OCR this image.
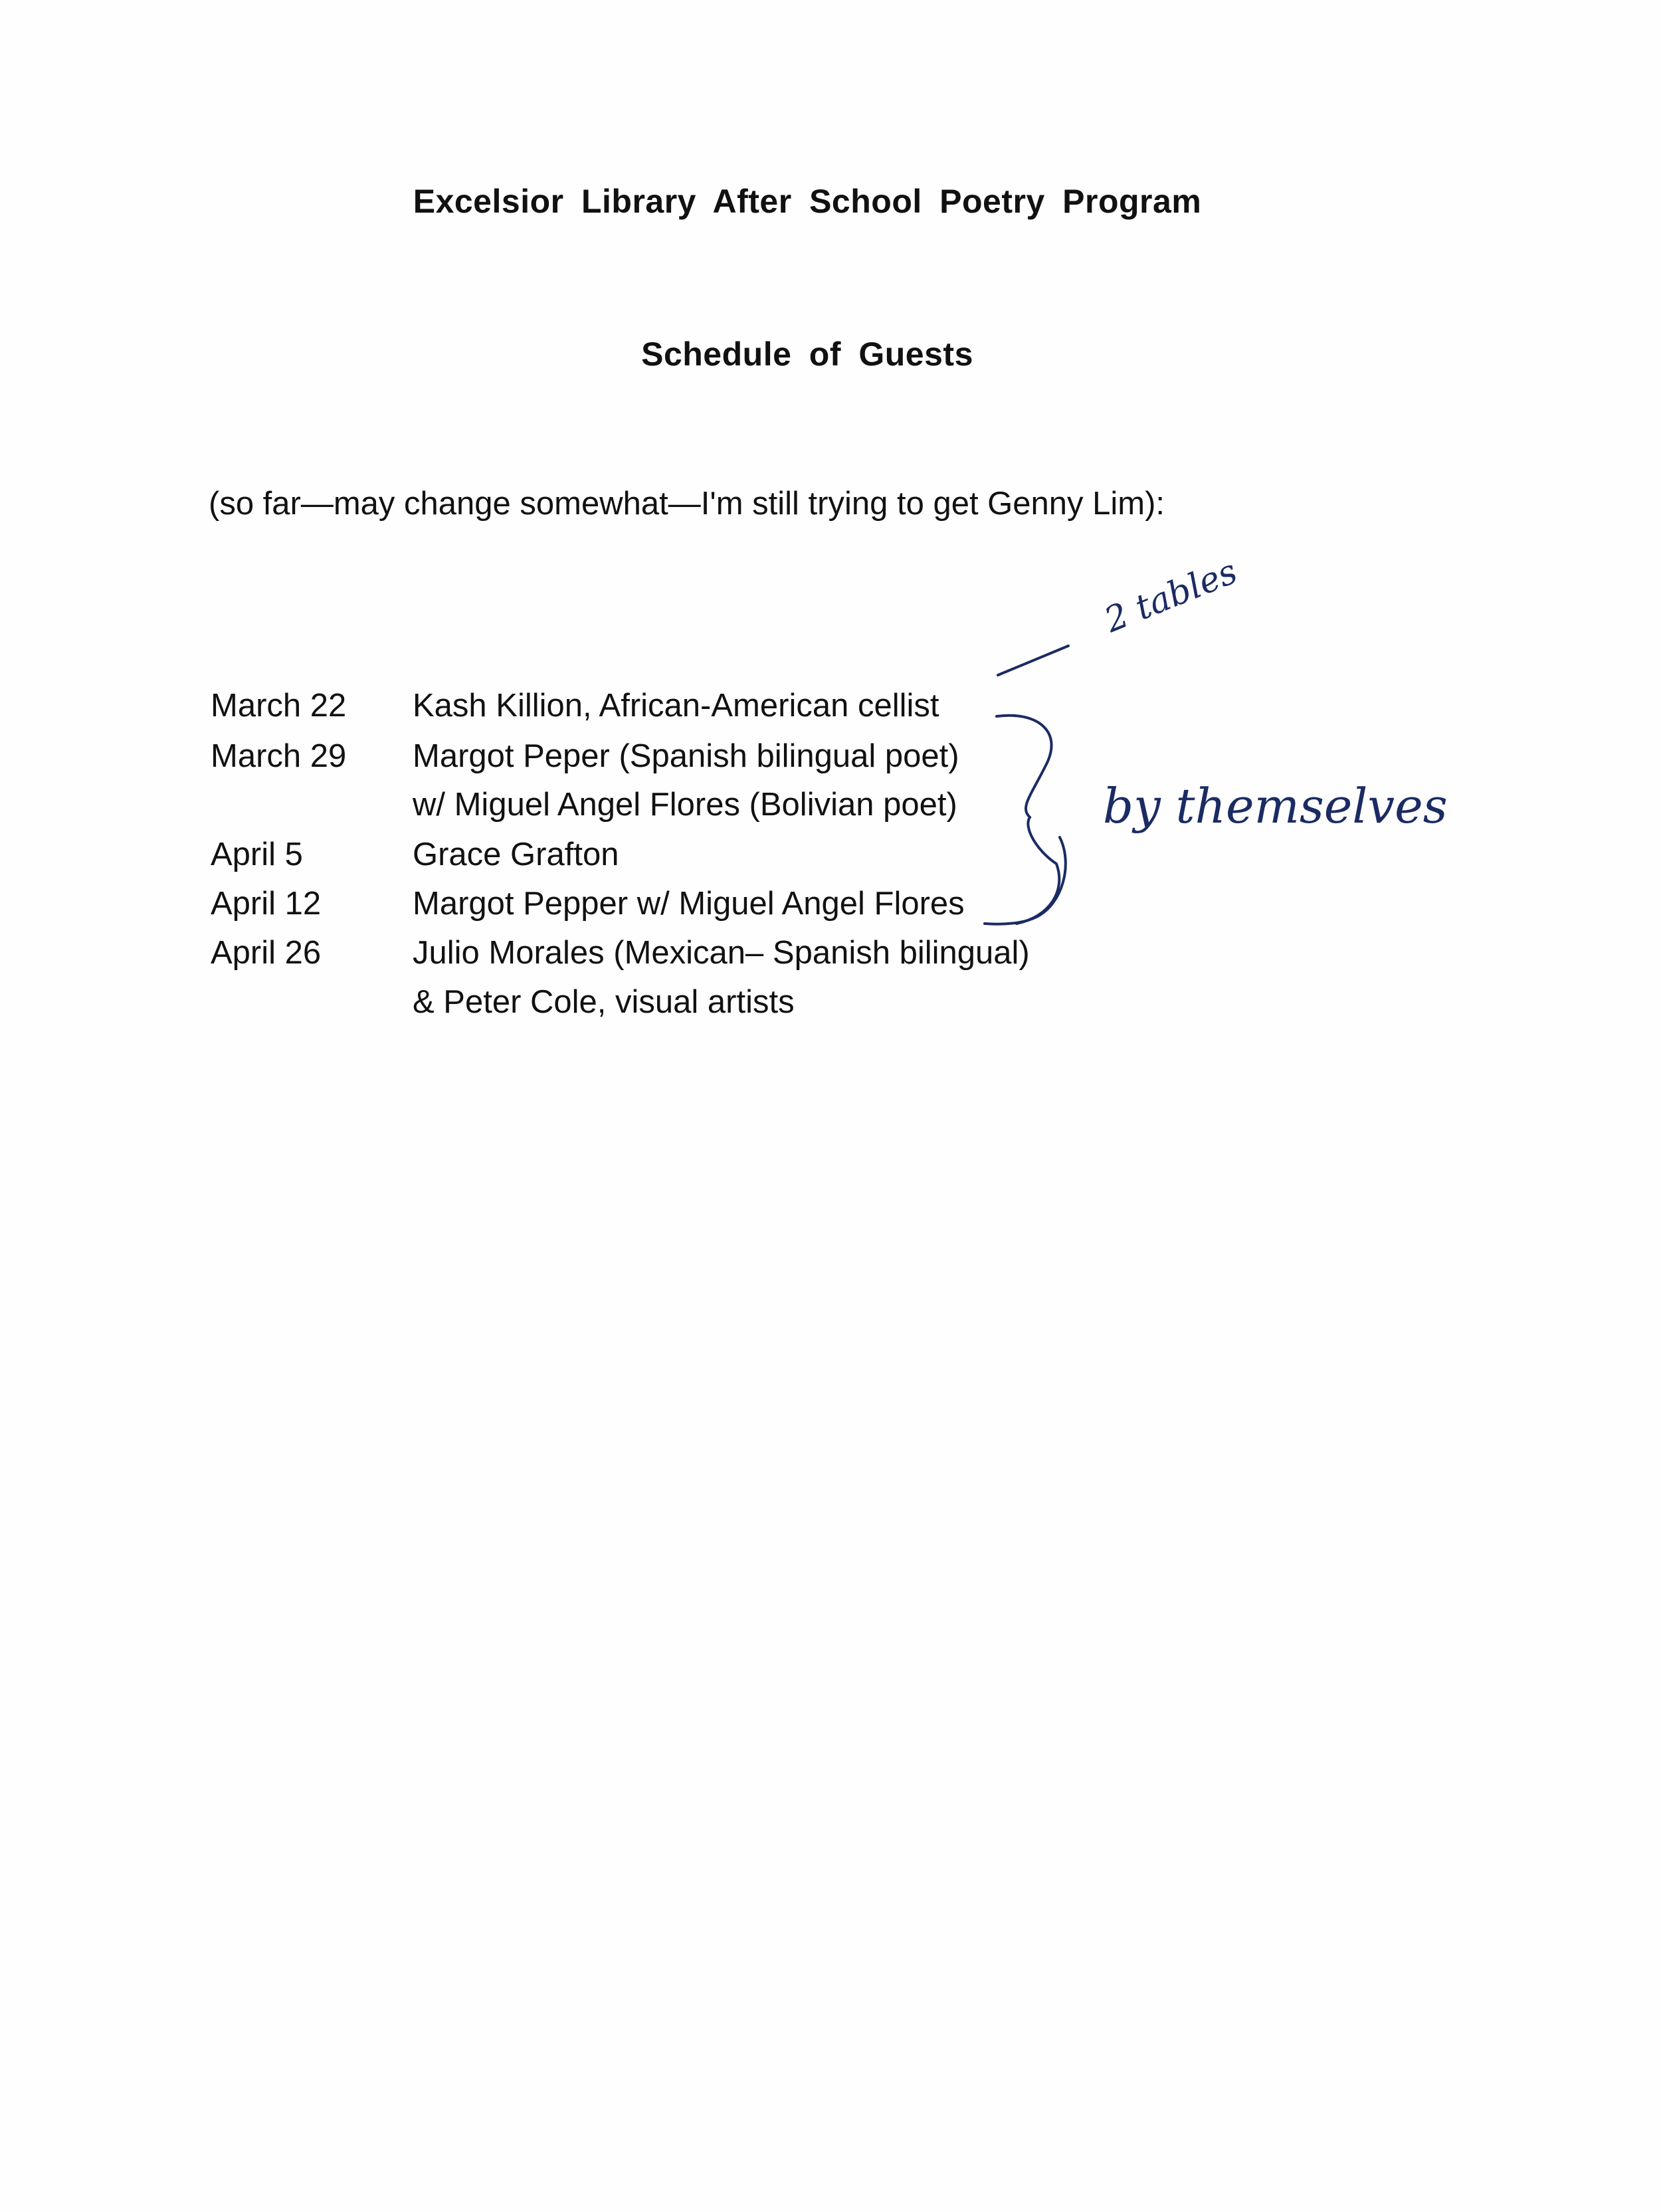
Excelsior Library After School Poetry Program
Schedule of Guests
(so far—may change somewhat—I'm still trying to get Genny Lim):
March 22 Kash Killion, African-American cellist
March 29 Margot Peper (Spanish bilingual poet)
w/ Miguel Angel Flores (Bolivian poet)
April 5	Grace Grafton
April 12	Margot Pepper w/ Miguel Angel Flores
April 26	Julio Morales (Mexican– Spanish bilingual)
& Peter Cole, visual artists
2 tables
by themselves
